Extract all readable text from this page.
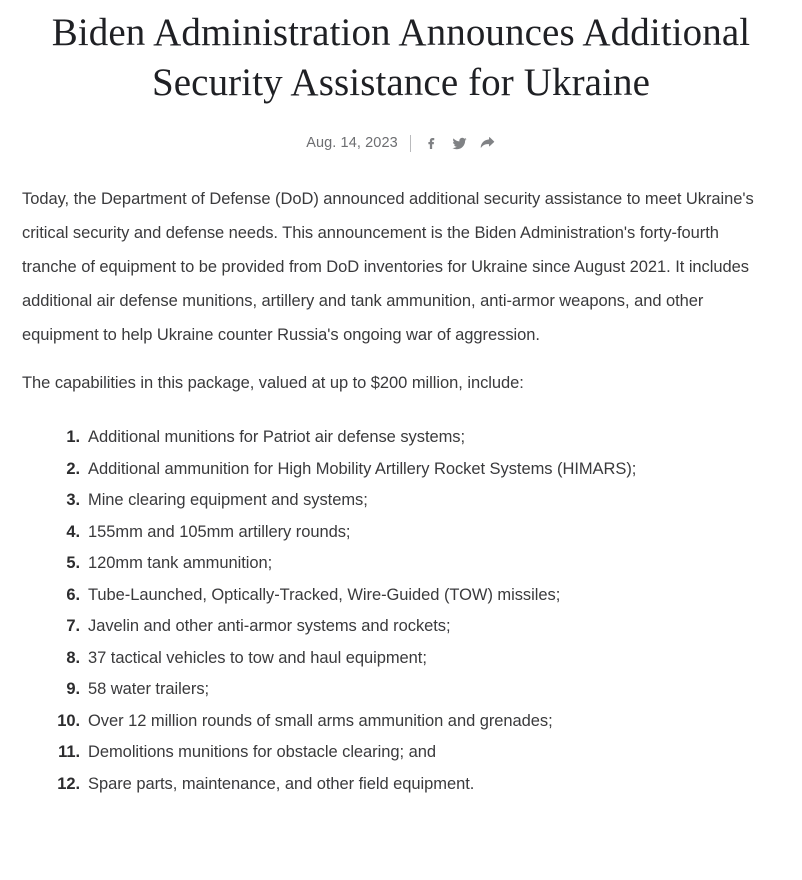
Biden Administration Announces Additional Security Assistance for Ukraine
Aug. 14, 2023

Today, the Department of Defense (DoD) announced additional security assistance to meet Ukraine's critical security and defense needs. This announcement is the Biden Administration's forty-fourth tranche of equipment to be provided from DoD inventories for Ukraine since August 2021. It includes additional air defense munitions, artillery and tank ammunition, anti-armor weapons, and other equipment to help Ukraine counter Russia's ongoing war of aggression.

The capabilities in this package, valued at up to $200 million, include:

1. Additional munitions for Patriot air defense systems;
2. Additional ammunition for High Mobility Artillery Rocket Systems (HIMARS);
3. Mine clearing equipment and systems;
4. 155mm and 105mm artillery rounds;
5. 120mm tank ammunition;
6. Tube-Launched, Optically-Tracked, Wire-Guided (TOW) missiles;
7. Javelin and other anti-armor systems and rockets;
8. 37 tactical vehicles to tow and haul equipment;
9. 58 water trailers;
10. Over 12 million rounds of small arms ammunition and grenades;
11. Demolitions munitions for obstacle clearing; and
12. Spare parts, maintenance, and other field equipment.
